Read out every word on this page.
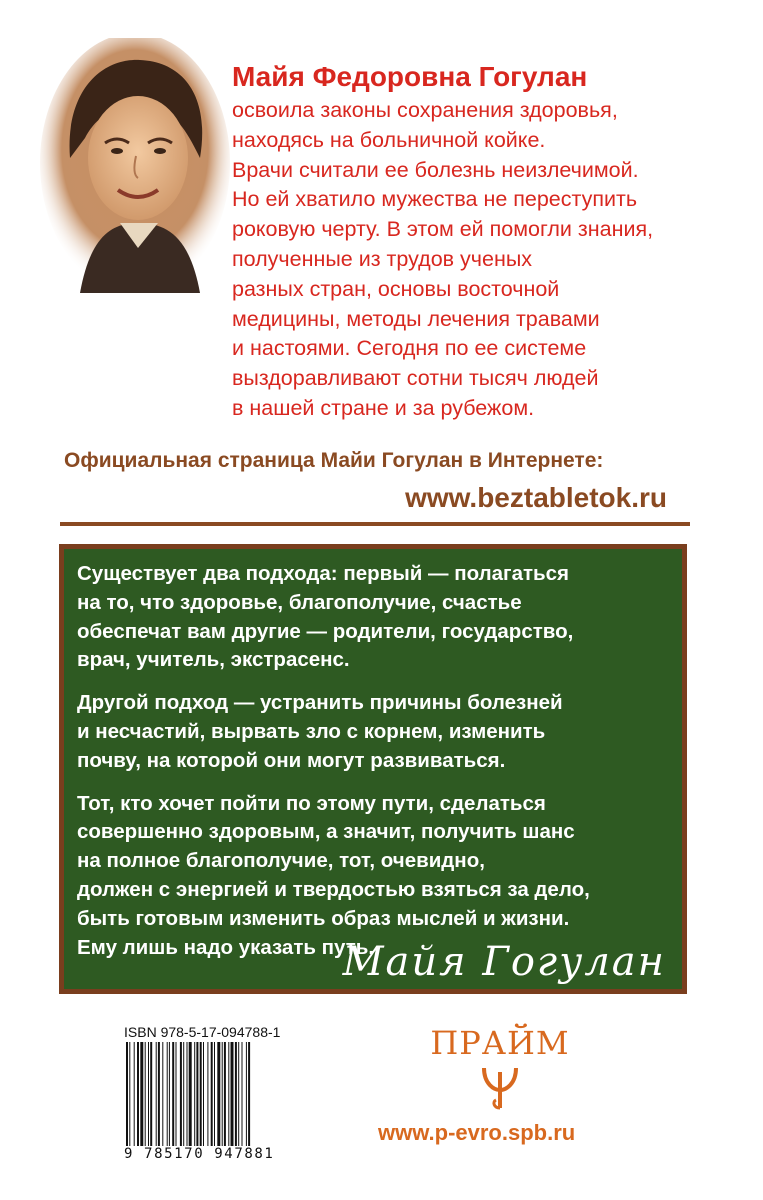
Майя Федоровна Гогулан
освоила законы сохранения здоровья,
находясь на больничной койке.
Врачи считали ее болезнь неизлечимой.
Но ей хватило мужества не переступить
роковую черту. В этом ей помогли знания,
полученные из трудов ученых
разных стран, основы восточной
медицины, методы лечения травами
и настоями. Сегодня по ее системе
выздоравливают сотни тысяч людей
в нашей стране и за рубежом.
Официальная страница Майи Гогулан в Интернете:
www.beztabletok.ru
Существует два подхода: первый — полагаться
на то, что здоровье, благополучие, счастье
обеспечат вам другие — родители, государство,
врач, учитель, экстрасенс.
Другой подход — устранить причины болезней
и несчастий, вырвать зло с корнем, изменить
почву, на которой они могут развиваться.
Тот, кто хочет пойти по этому пути, сделаться
совершенно здоровым, а значит, получить шанс
на полное благополучие, тот, очевидно,
должен с энергией и твердостью взяться за дело,
быть готовым изменить образ мыслей и жизни.
Ему лишь надо указать путь.
Майя Гогулан
ISBN 978-5-17-094788-1
9 785170 947881
ПРАЙМ
www.p-evro.spb.ru
